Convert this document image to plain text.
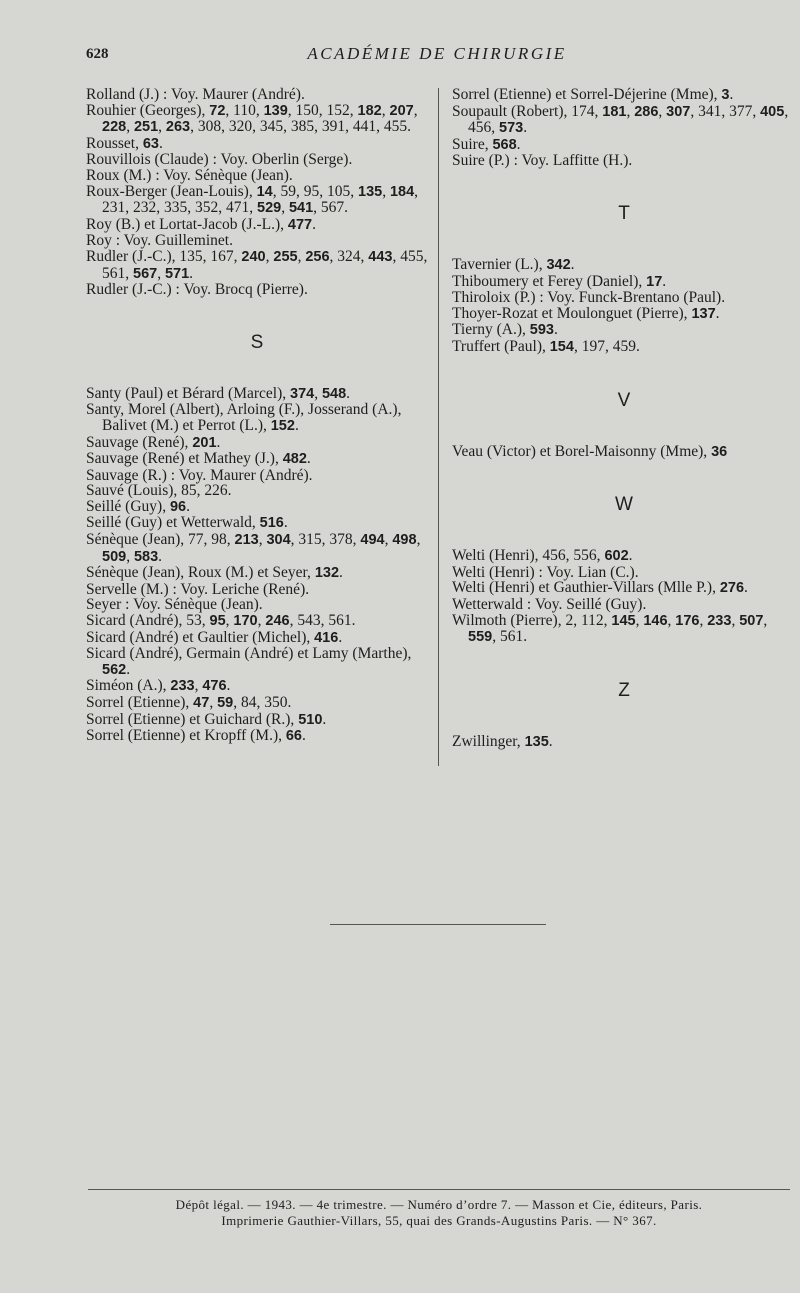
628	ACADÉMIE DE CHIRURGIE

Rolland (J.) : Voy. Maurer (André).

Rouhier (Georges), 72, 110, 139, 150, 152, 182, 207, 228, 251, 263, 308, 320, 345, 385, 391, 441, 455.

Rousset, 63.

Rouvillois (Claude) : Voy. Oberlin (Serge).

Roux (M.) : Voy. Sénèque (Jean).

Roux-Berger (Jean-Louis), 14, 59, 95, 105, 135, 184, 231, 232, 335, 352, 471, 529, 541, 567.

Roy (B.) et Lortat-Jacob (J.-L.), 477.

Roy : Voy. Guilleminet.

Rudler (J.-C.), 135, 167, 240, 255, 256, 324, 443, 455, 561, 567, 571.

Rudler (J.-C.) : Voy. Brocq (Pierre).

S

Santy (Paul) et Bérard (Marcel), 374, 548.

Santy, Morel (Albert), Arloing (F.), Josserand (A.), Balivet (M.) et Perrot (L.), 152.

Sauvage (René), 201.

Sauvage (René) et Mathey (J.), 482.

Sauvage (R.) : Voy. Maurer (André).

Sauvé (Louis), 85, 226.

Seillé (Guy), 96.

Seillé (Guy) et Wetterwald, 516.

Sénèque (Jean), 77, 98, 213, 304, 315, 378, 494, 498, 509, 583.

Sénèque (Jean), Roux (M.) et Seyer, 132.

Servelle (M.) : Voy. Leriche (René).

Seyer : Voy. Sénèque (Jean).

Sicard (André), 53, 95, 170, 246, 543, 561.

Sicard (André) et Gaultier (Michel), 416.

Sicard (André), Germain (André) et Lamy (Marthe), 562.

Siméon (A.), 233, 476.

Sorrel (Etienne), 47, 59, 84, 350.

Sorrel (Etienne) et Guichard (R.), 510.

Sorrel (Etienne) et Kropff (M.), 66.

Sorrel (Etienne) et Sorrel-Déjerine (Mme), 3.

Soupault (Robert), 174, 181, 286, 307, 341, 377, 405, 456, 573.

Suire, 568.

Suire (P.) : Voy. Laffitte (H.).

T

Tavernier (L.), 342.

Thiboumery et Ferey (Daniel), 17.

Thiroloix (P.) : Voy. Funck-Brentano (Paul).

Thoyer-Rozat et Moulonguet (Pierre), 137.

Tierny (A.), 593.

Truffert (Paul), 154, 197, 459.

V

Veau (Victor) et Borel-Maisonny (Mme), 36

W

Welti (Henri), 456, 556, 602.

Welti (Henri) : Voy. Lian (C.).

Welti (Henri) et Gauthier-Villars (Mlle P.), 276.

Wetterwald : Voy. Seillé (Guy).

Wilmoth (Pierre), 2, 112, 145, 146, 176, 233, 507, 559, 561.

Z

Zwillinger, 135.

Dépôt légal. — 1943. — 4e trimestre. — Numéro d’ordre 7. — Masson et Cie, éditeurs, Paris.

Imprimerie Gauthier-Villars, 55, quai des Grands-Augustins Paris. — N° 367.
